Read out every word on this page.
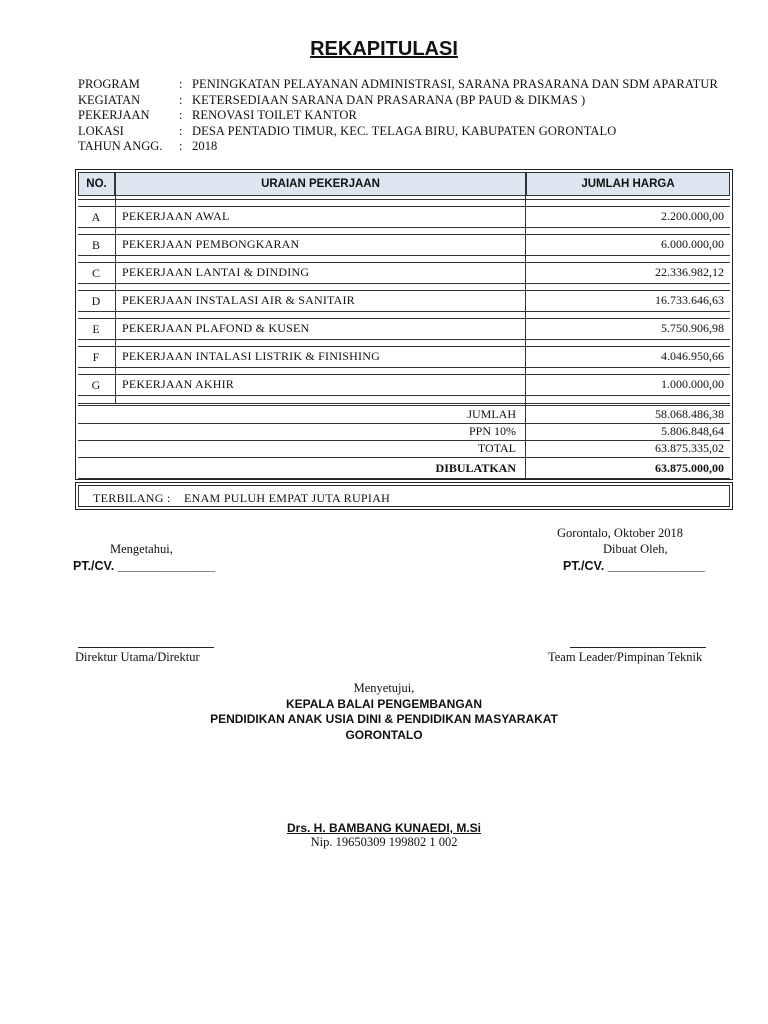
REKAPITULASI
PROGRAM	: PENINGKATAN PELAYANAN ADMINISTRASI, SARANA PRASARANA DAN SDM APARATUR
KEGIATAN	: KETERSEDIAAN SARANA DAN PRASARANA (BP PAUD & DIKMAS )
PEKERJAAN	: RENOVASI TOILET KANTOR
LOKASI	: DESA PENTADIO TIMUR, KEC. TELAGA BIRU, KABUPATEN GORONTALO
TAHUN ANGG.	: 2018
NO.	URAIAN PEKERJAAN	JUMLAH HARGA
A	PEKERJAAN AWAL	2.200.000,00
B	PEKERJAAN PEMBONGKARAN	6.000.000,00
C	PEKERJAAN LANTAI & DINDING	22.336.982,12
D	PEKERJAAN INSTALASI AIR & SANITAIR	16.733.646,63
E	PEKERJAAN PLAFOND & KUSEN	5.750.906,98
F	PEKERJAAN INTALASI LISTRIK & FINISHING	4.046.950,66
G	PEKERJAAN AKHIR	1.000.000,00
JUMLAH	58.068.486,38
PPN 10%	5.806.848,64
TOTAL	63.875.335,02
DIBULATKAN	63.875.000,00
TERBILANG : ENAM PULUH EMPAT JUTA RUPIAH
Gorontalo, Oktober 2018
Mengetahui,
PT./CV. ______________
Direktur Utama/Direktur
Dibuat Oleh,
PT./CV. ______________
Team Leader/Pimpinan Teknik
Menyetujui,
KEPALA BALAI PENGEMBANGAN
PENDIDIKAN ANAK USIA DINI & PENDIDIKAN MASYARAKAT
GORONTALO
Drs. H. BAMBANG KUNAEDI, M.Si
Nip. 19650309 199802 1 002
